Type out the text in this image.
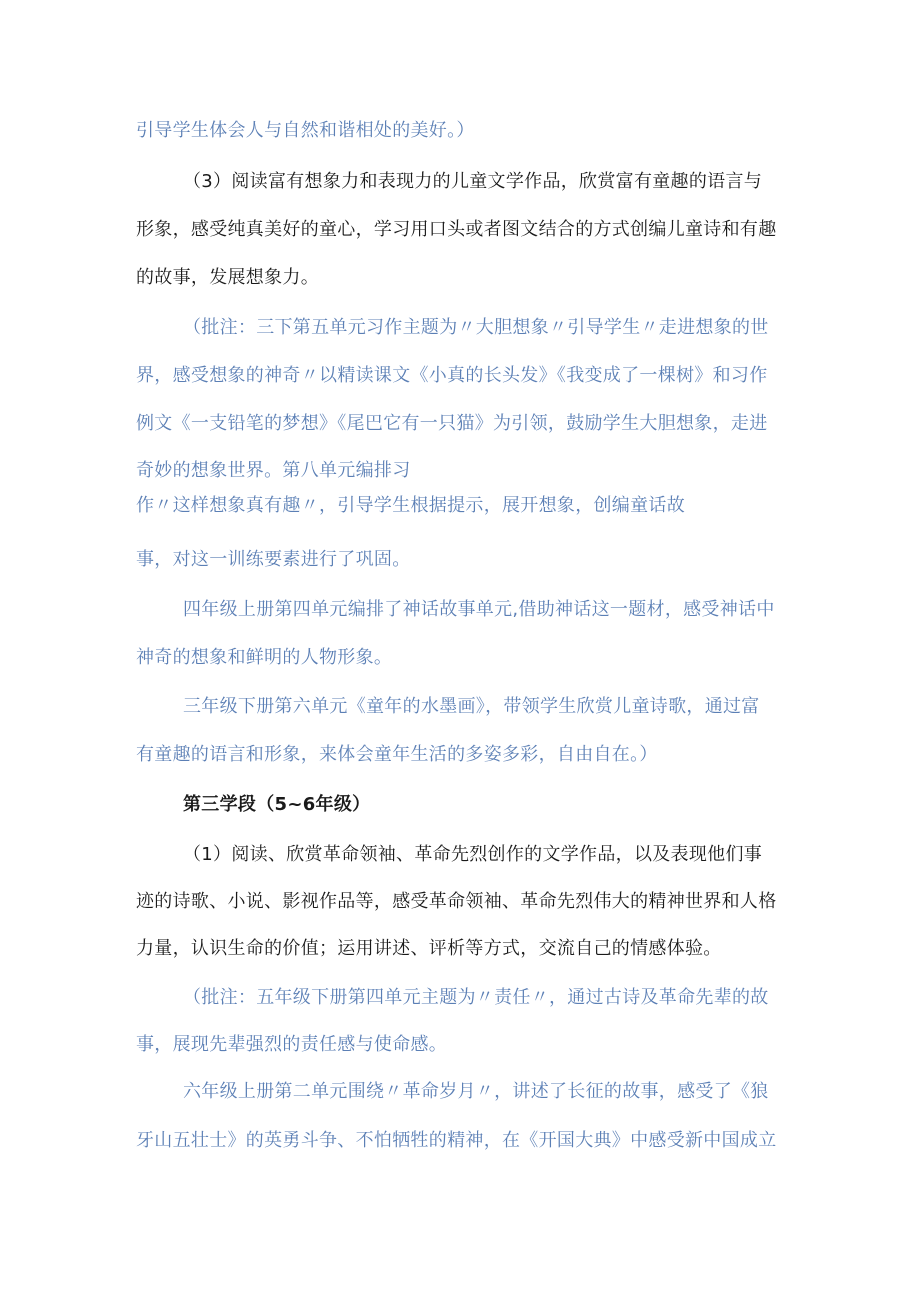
引导学生体会人与自然和谐相处的美好。）
（3）阅读富有想象力和表现力的儿童文学作品，欣赏富有童趣的语言与
形象，感受纯真美好的童心，学习用口头或者图文结合的方式创编儿童诗和有趣
的故事，发展想象力。
（批注：三下第五单元习作主题为〃大胆想象〃引导学生〃走进想象的世
界，感受想象的神奇〃以精读课文《小真的长头发》《我变成了一棵树》和习作
例文《一支铅笔的梦想》《尾巴它有一只猫》为引领，鼓励学生大胆想象，走进
奇妙的想象世界。第八单元编排习
作〃这样想象真有趣〃，引导学生根据提示，展开想象，创编童话故
事，对这一训练要素进行了巩固。
四年级上册第四单元编排了神话故事单元,借助神话这一题材，感受神话中
神奇的想象和鲜明的人物形象。
三年级下册第六单元《童年的水墨画》，带领学生欣赏儿童诗歌，通过富
有童趣的语言和形象，来体会童年生活的多姿多彩，自由自在。）
第三学段（5~6年级）
（1）阅读、欣赏革命领袖、革命先烈创作的文学作品，以及表现他们事
迹的诗歌、小说、影视作品等，感受革命领袖、革命先烈伟大的精神世界和人格
力量，认识生命的价值；运用讲述、评析等方式，交流自己的情感体验。
（批注：五年级下册第四单元主题为〃责任〃，通过古诗及革命先辈的故
事，展现先辈强烈的责任感与使命感。
六年级上册第二单元围绕〃革命岁月〃，讲述了长征的故事，感受了《狼
牙山五壮士》的英勇斗争、不怕牺牲的精神，在《开国大典》中感受新中国成立
